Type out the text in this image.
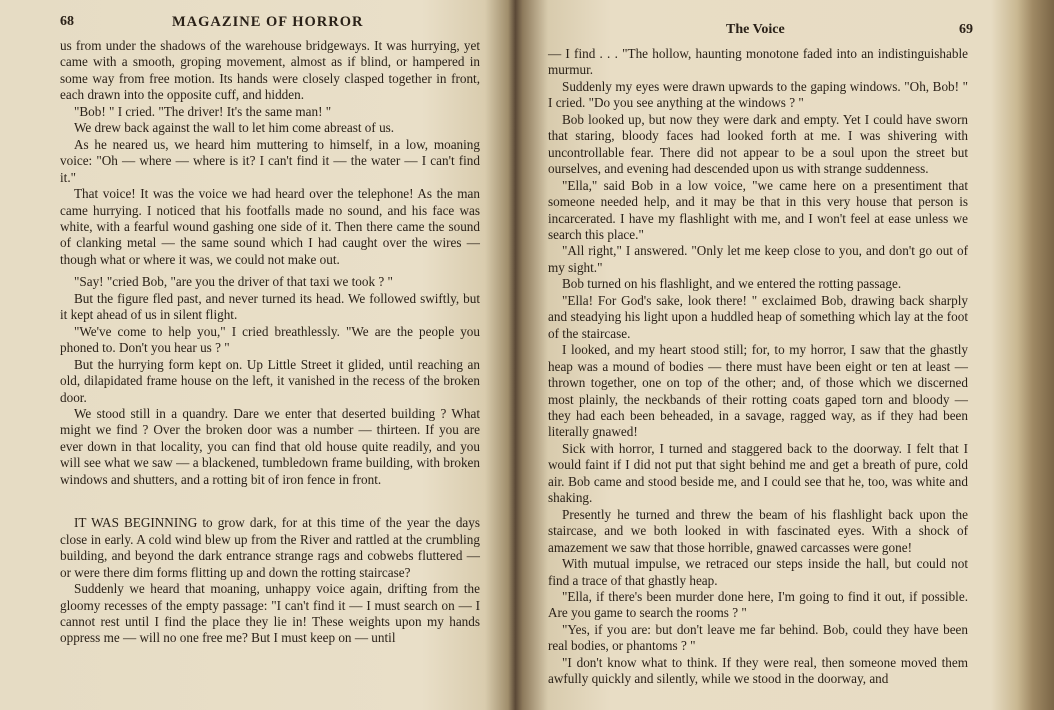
68	MAGAZINE OF HORROR

us from under the shadows of the warehouse bridgeways. It was hurrying, yet came with a smooth, groping movement, almost as if blind, or hampered in some way from free motion. Its hands were closely clasped together in front, each drawn into the opposite cuff, and hidden.

"Bob! " I cried. "The driver! It's the same man! "

We drew back against the wall to let him come abreast of us.

As he neared us, we heard him muttering to himself, in a low, moaning voice: "Oh — where — where is it? I can't find it — the water — I can't find it."

That voice! It was the voice we had heard over the telephone! As the man came hurrying. I noticed that his footfalls made no sound, and his face was white, with a fearful wound gashing one side of it. Then there came the sound of clanking metal — the same sound which I had caught over the wires — though what or where it was, we could not make out.

"Say! "cried Bob, "are you the driver of that taxi we took ? "

But the figure fled past, and never turned its head. We followed swiftly, but it kept ahead of us in silent flight.

"We've come to help you," I cried breathlessly. "We are the people you phoned to. Don't you hear us ? "

But the hurrying form kept on. Up Little Street it glided, until reaching an old, dilapidated frame house on the left, it vanished in the recess of the broken door.

We stood still in a quandry. Dare we enter that deserted building ? What might we find ? Over the broken door was a number — thirteen. If you are ever down in that locality, you can find that old house quite readily, and you will see what we saw — a blackened, tumbledown frame building, with broken windows and shutters, and a rotting bit of iron fence in front.

IT WAS BEGINNING to grow dark, for at this time of the year the days close in early. A cold wind blew up from the River and rattled at the crumbling building, and beyond the dark entrance strange rags and cobwebs fluttered — or were there dim forms flitting up and down the rotting staircase?

Suddenly we heard that moaning, unhappy voice again, drifting from the gloomy recesses of the empty passage: "I can't find it — I must search on — I cannot rest until I find the place they lie in! These weights upon my hands oppress me — will no one free me? But I must keep on — until

The Voice	69

— I find . . . "The hollow, haunting monotone faded into an indistinguishable murmur.

Suddenly my eyes were drawn upwards to the gaping windows. "Oh, Bob! " I cried. "Do you see anything at the windows ? "

Bob looked up, but now they were dark and empty. Yet I could have sworn that staring, bloody faces had looked forth at me. I was shivering with uncontrollable fear. There did not appear to be a soul upon the street but ourselves, and evening had descended upon us with strange suddenness.

"Ella," said Bob in a low voice, "we came here on a presentiment that someone needed help, and it may be that in this very house that person is incarcerated. I have my flashlight with me, and I won't feel at ease unless we search this place."

"All right," I answered. "Only let me keep close to you, and don't go out of my sight."

Bob turned on his flashlight, and we entered the rotting passage.

"Ella! For God's sake, look there! " exclaimed Bob, drawing back sharply and steadying his light upon a huddled heap of something which lay at the foot of the staircase.

I looked, and my heart stood still; for, to my horror, I saw that the ghastly heap was a mound of bodies — there must have been eight or ten at least — thrown together, one on top of the other; and, of those which we discerned most plainly, the neckbands of their rotting coats gaped torn and bloody — they had each been beheaded, in a savage, ragged way, as if they had been literally gnawed!

Sick with horror, I turned and staggered back to the doorway. I felt that I would faint if I did not put that sight behind me and get a breath of pure, cold air. Bob came and stood beside me, and I could see that he, too, was white and shaking.

Presently he turned and threw the beam of his flashlight back upon the staircase, and we both looked in with fascinated eyes. With a shock of amazement we saw that those horrible, gnawed carcasses were gone!

With mutual impulse, we retraced our steps inside the hall, but could not find a trace of that ghastly heap.

"Ella, if there's been murder done here, I'm going to find it out, if possible. Are you game to search the rooms ? "

"Yes, if you are: but don't leave me far behind. Bob, could they have been real bodies, or phantoms ? "

"I don't know what to think. If they were real, then someone moved them awfully quickly and silently, while we stood in the doorway, and
